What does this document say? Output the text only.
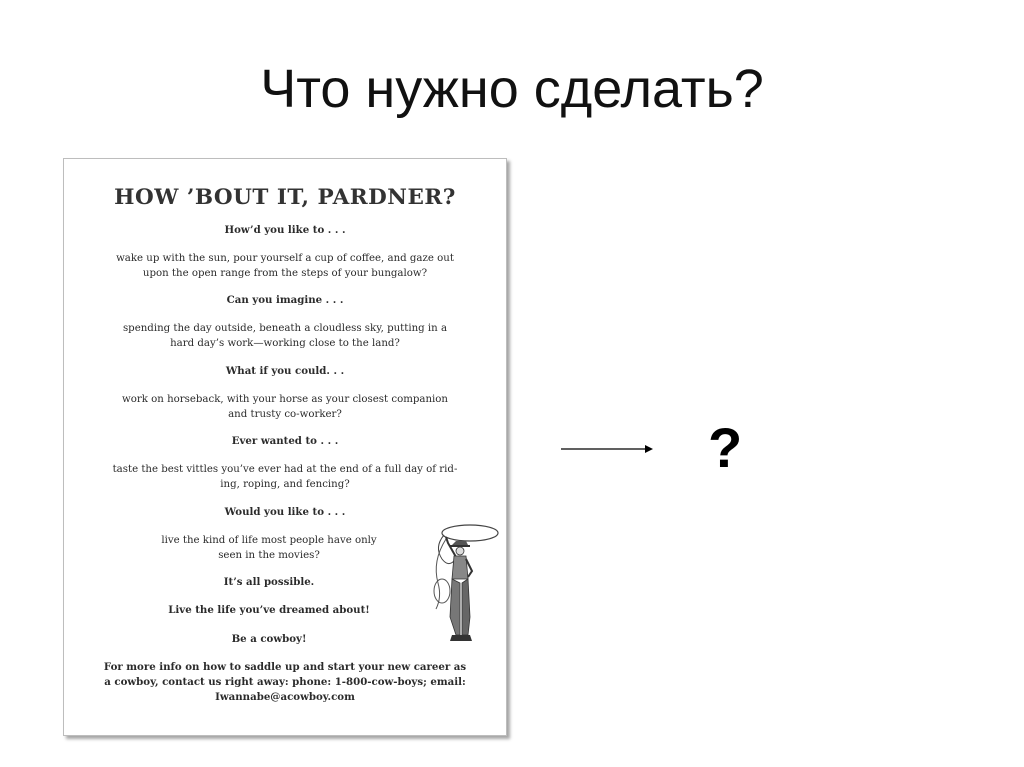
Что нужно сделать?
HOW ’BOUT IT, PARDNER?
How’d you like to . . .
wake up with the sun, pour yourself a cup of coffee, and gaze out
upon the open range from the steps of your bungalow?
Can you imagine . . .
spending the day outside, beneath a cloudless sky, putting in a
hard day’s work—working close to the land?
What if you could. . .
work on horseback, with your horse as your closest companion
and trusty co-worker?
Ever wanted to . . .
taste the best vittles you’ve ever had at the end of a full day of rid-
ing, roping, and fencing?
Would you like to . . .
live the kind of life most people have only
seen in the movies?
It’s all possible.
Live the life you’ve dreamed about!
Be a cowboy!
For more info on how to saddle up and start your new career as
a cowboy, contact us right away: phone: 1-800-cow-boys; email:
Iwannabe@acowboy.com
?
